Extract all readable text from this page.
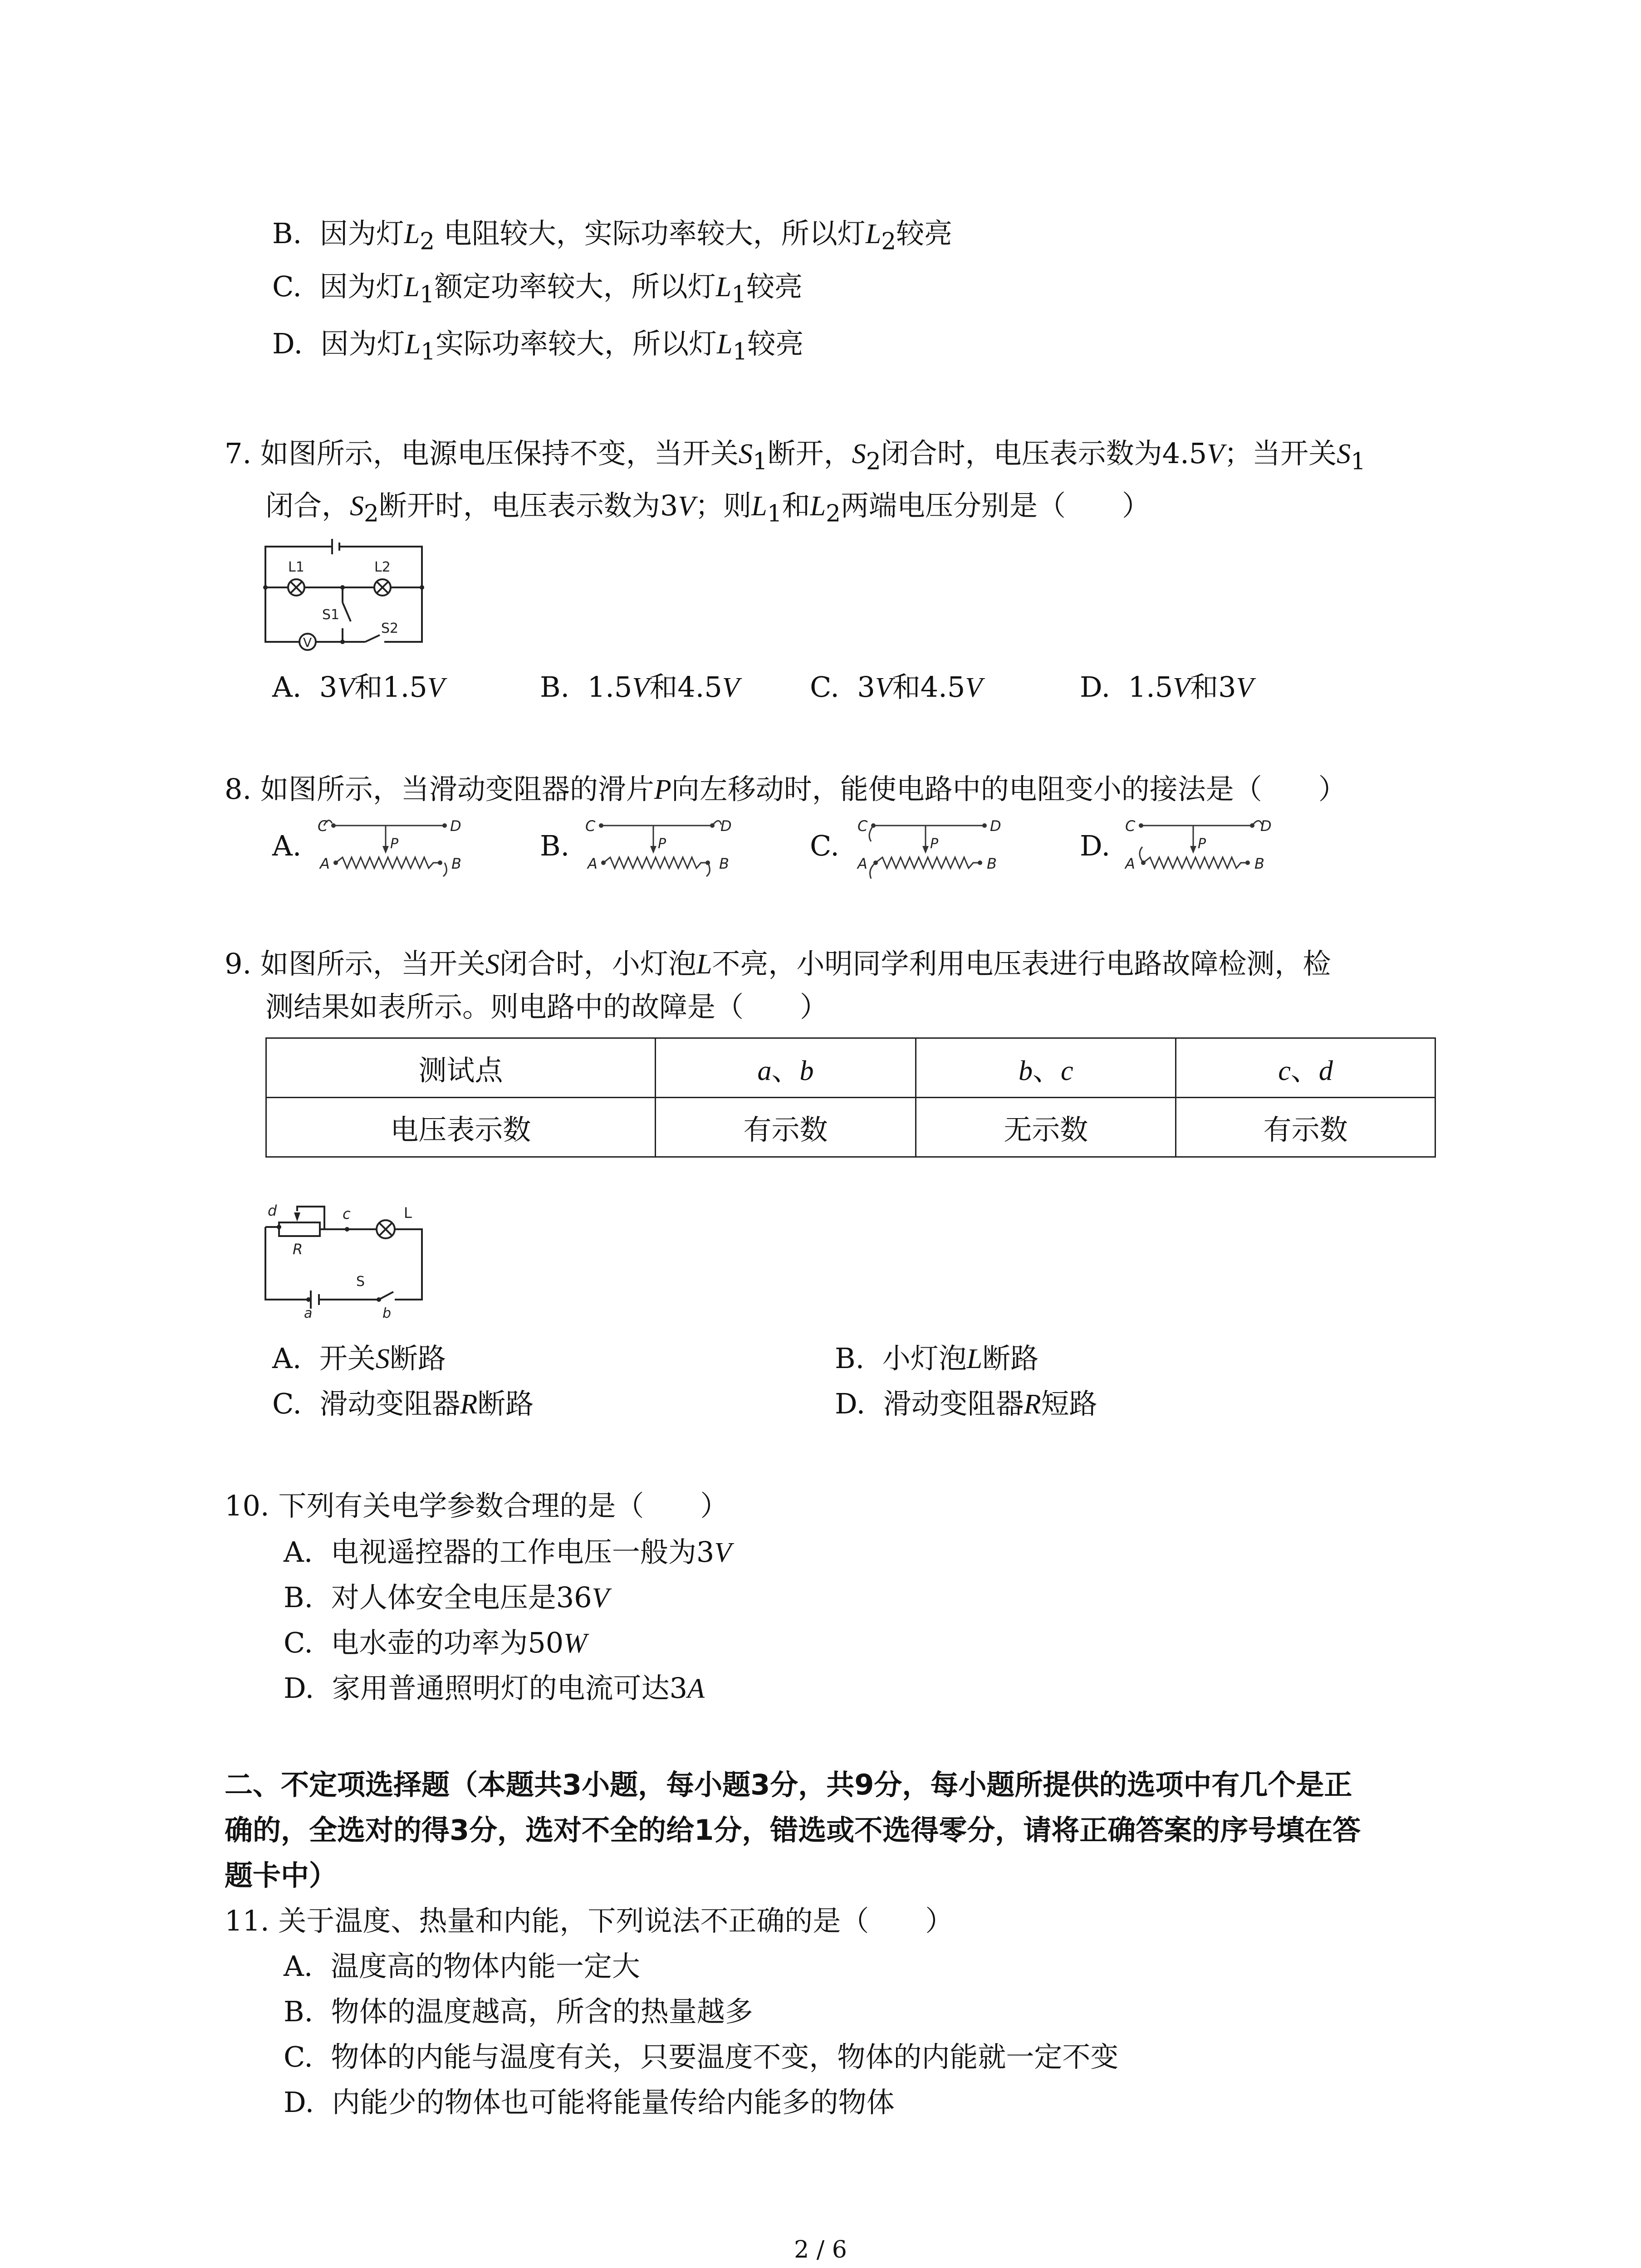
B. 因为灯$L_2$ 电阻较大，实际功率较大，所以灯$L_2$较亮
C. 因为灯$L_1$额定功率较大，所以灯$L_1$较亮
D. 因为灯$L_1$实际功率较大，所以灯$L_1$较亮
7. 如图所示，电源电压保持不变，当开关$S_1$断开，$S_2$闭合时，电压表示数为4.5V；当开关$S_1$
闭合，$S_2$断开时，电压表示数为3V；则$L_1$和$L_2$两端电压分别是（　　）
L1	L2
S1
S2
V
A. 3V和1.5V	B. 1.5V和4.5V	C. 3V和4.5V	D. 1.5V和3V
8. 如图所示，当滑动变阻器的滑片P向左移动时，能使电路中的电阻变小的接法是（　　）
A.	B.	C.	D.
C	D
A	B
P
C	D
A	B
P
C	D
A	B
P
C	D
A	B
P
9. 如图所示，当开关S闭合时，小灯泡L不亮，小明同学利用电压表进行电路故障检测，检
测结果如表所示。则电路中的故障是（　　）
测试点	a、b	b、c	c、d
电压表示数	有示数	无示数	有示数
d	c	L
R
S
a	b
A. 开关S断路	B. 小灯泡L断路
C. 滑动变阻器R断路	D. 滑动变阻器R短路
10. 下列有关电学参数合理的是（　　）
A. 电视遥控器的工作电压一般为3V
B. 对人体安全电压是36V
C. 电水壶的功率为50W
D. 家用普通照明灯的电流可达3A
二、不定项选择题（本题共3小题，每小题3分，共9分，每小题所提供的选项中有几个是正
确的，全选对的得3分，选对不全的给1分，错选或不选得零分，请将正确答案的序号填在答
题卡中）
11. 关于温度、热量和内能，下列说法不正确的是（　　）
A. 温度高的物体内能一定大
B. 物体的温度越高，所含的热量越多
C. 物体的内能与温度有关，只要温度不变，物体的内能就一定不变
D. 内能少的物体也可能将能量传给内能多的物体
2 / 6
